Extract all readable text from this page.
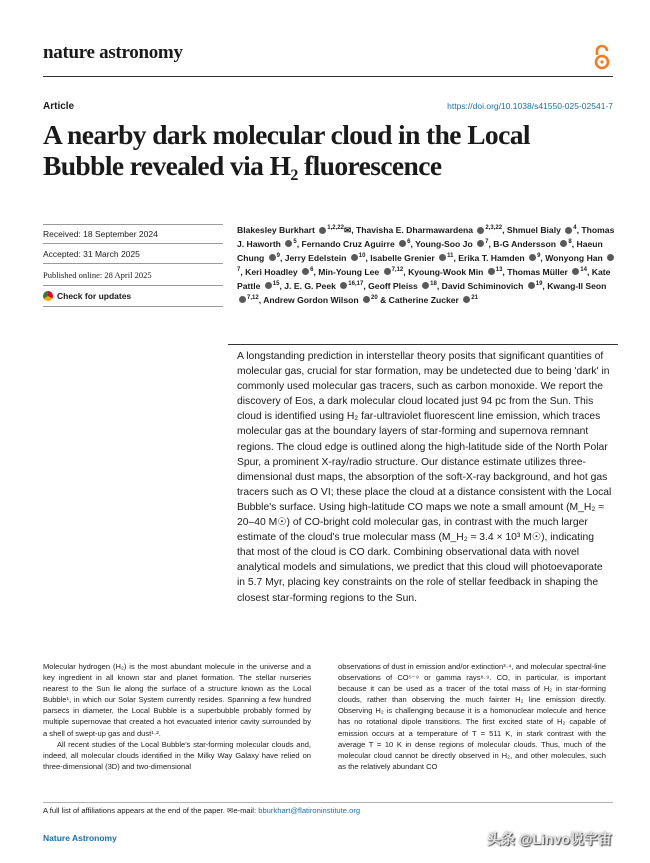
nature astronomy
Article	https://doi.org/10.1038/s41550-025-02541-7
A nearby dark molecular cloud in the Local Bubble revealed via $H_2$ fluorescence
Received: 18 September 2024
Accepted: 31 March 2025
Published online: 28 April 2025
Check for updates
Blakesley Burkhart $^{1,2,22}$✉, Thavisha E. Dharmawardena $^{2,3,22}$, Shmuel Bialy $^4$, Thomas J. Haworth $^5$, Fernando Cruz Aguirre $^6$, Young-Soo Jo $^7$, B-G Andersson $^8$, Haeun Chung $^9$, Jerry Edelstein $^{10}$, Isabelle Grenier $^{11}$, Erika T. Hamden $^9$, Wonyong Han $^7$, Keri Hoadley $^6$, Min-Young Lee $^{7,12}$, Kyoung-Wook Min $^{13}$, Thomas Müller $^{14}$, Kate Pattle $^{15}$, J. E. G. Peek $^{16,17}$, Geoff Pleiss $^{18}$, David Schiminovich $^{19}$, Kwang-Il Seon $^{7,12}$, Andrew Gordon Wilson $^{20}$ & Catherine Zucker $^{21}$
A longstanding prediction in interstellar theory posits that significant quantities of molecular gas, crucial for star formation, may be undetected due to being 'dark' in commonly used molecular gas tracers, such as carbon monoxide. We report the discovery of Eos, a dark molecular cloud located just 94 pc from the Sun. This cloud is identified using H₂ far-ultraviolet fluorescent line emission, which traces molecular gas at the boundary layers of star-forming and supernova remnant regions. The cloud edge is outlined along the high-latitude side of the North Polar Spur, a prominent X-ray/radio structure. Our distance estimate utilizes three-dimensional dust maps, the absorption of the soft-X-ray background, and hot gas tracers such as O VI; these place the cloud at a distance consistent with the Local Bubble's surface. Using high-latitude CO maps we note a small amount (M_H₂ ≈ 20–40 M☉) of CO-bright cold molecular gas, in contrast with the much larger estimate of the cloud's true molecular mass (M_H₂ ≈ 3.4 × 10³ M☉), indicating that most of the cloud is CO dark. Combining observational data with novel analytical models and simulations, we predict that this cloud will photoevaporate in 5.7 Myr, placing key constraints on the role of stellar feedback in shaping the closest star-forming regions to the Sun.
Molecular hydrogen (H₂) is the most abundant molecule in the universe and a key ingredient in all known star and planet formation. The stellar nurseries nearest to the Sun lie along the surface of a structure known as the Local Bubble¹, in which our Solar System currently resides. Spanning a few hundred parsecs in diameter, the Local Bubble is a superbubble probably formed by multiple supernovae that created a hot evacuated interior cavity surrounded by a shell of swept-up gas and dust¹·².
All recent studies of the Local Bubble's star-forming molecular clouds and, indeed, all molecular clouds identified in the Milky Way Galaxy have relied on three-dimensional (3D) and two-dimensional
observations of dust in emission and/or extinction³·⁴, and molecular spectral-line observations of CO⁵⁻⁹ or gamma rays⁸·⁹. CO, in particular, is important because it can be used as a tracer of the total mass of H₂ in star-forming clouds, rather than observing the much fainter H₂ line emission directly. Observing H₂ is challenging because it is a homonuclear molecule and hence has no rotational dipole transitions. The first excited state of H₂ capable of emission occurs at a temperature of T = 511 K, in stark contrast with the average T = 10 K in dense regions of molecular clouds. Thus, much of the molecular cloud cannot be directly observed in H₂, and other molecules, such as the relatively abundant CO
A full list of affiliations appears at the end of the paper. ✉e-mail: bburkhart@flatironinstitute.org
Nature Astronomy	头条 @Linvo说宇宙
